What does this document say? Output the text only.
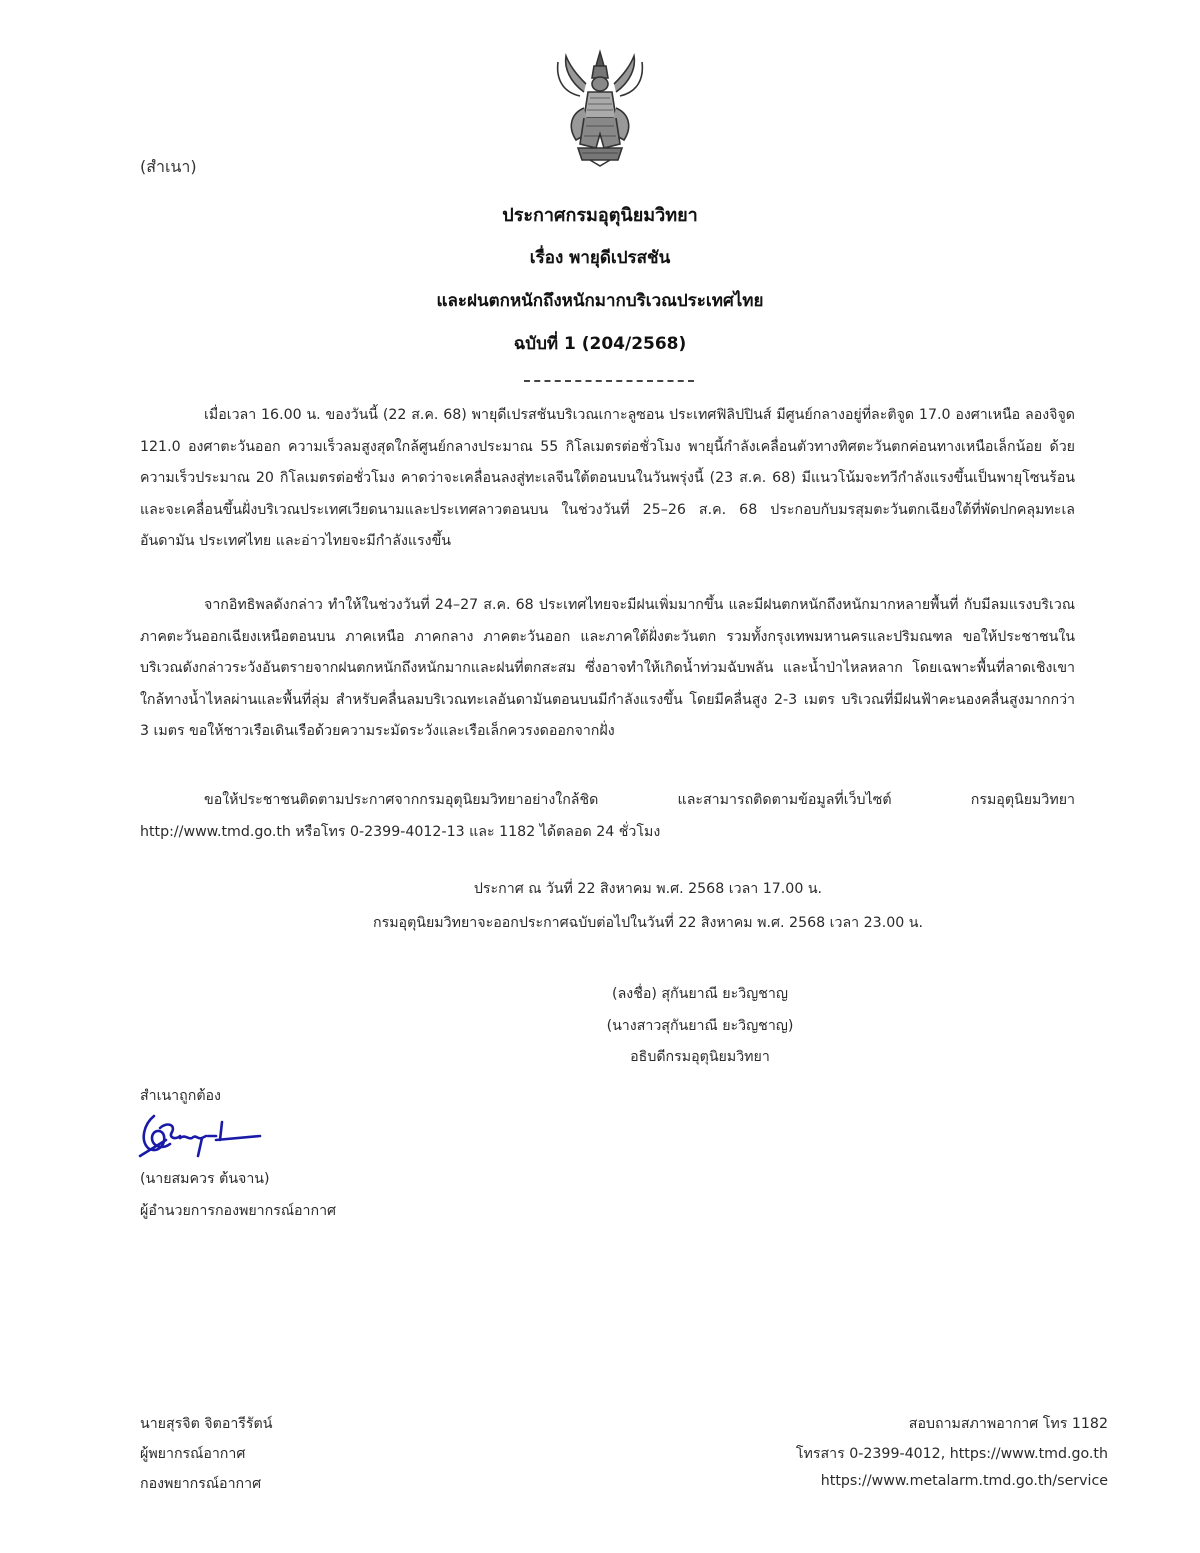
(สำเนา)
ประกาศกรมอุตุนิยมวิทยา
เรื่อง พายุดีเปรสชัน
และฝนตกหนักถึงหนักมากบริเวณประเทศไทย
ฉบับที่ 1 (204/2568)
เมื่อเวลา 16.00 น. ของวันนี้ (22 ส.ค. 68) พายุดีเปรสชันบริเวณเกาะลูซอน ประเทศฟิลิปปินส์ มีศูนย์กลางอยู่ที่ละติจูด 17.0 องศาเหนือ ลองจิจูด 121.0 องศาตะวันออก ความเร็วลมสูงสุดใกล้ศูนย์กลางประมาณ 55 กิโลเมตรต่อชั่วโมง พายุนี้กำลังเคลื่อนตัวทางทิศตะวันตกค่อนทางเหนือเล็กน้อย ด้วยความเร็วประมาณ 20 กิโลเมตรต่อชั่วโมง คาดว่าจะเคลื่อนลงสู่ทะเลจีนใต้ตอนบนในวันพรุ่งนี้ (23 ส.ค. 68) มีแนวโน้มจะทวีกำลังแรงขึ้นเป็นพายุโซนร้อน และจะเคลื่อนขึ้นฝั่งบริเวณประเทศเวียดนามและประเทศลาวตอนบน ในช่วงวันที่ 25–26 ส.ค. 68 ประกอบกับมรสุมตะวันตกเฉียงใต้ที่พัดปกคลุมทะเลอันดามัน ประเทศไทย และอ่าวไทยจะมีกำลังแรงขึ้น
จากอิทธิพลดังกล่าว ทำให้ในช่วงวันที่ 24–27 ส.ค. 68 ประเทศไทยจะมีฝนเพิ่มมากขึ้น และมีฝนตกหนักถึงหนักมากหลายพื้นที่ กับมีลมแรงบริเวณภาคตะวันออกเฉียงเหนือตอนบน ภาคเหนือ ภาคกลาง ภาคตะวันออก และภาคใต้ฝั่งตะวันตก รวมทั้งกรุงเทพมหานครและปริมณฑล ขอให้ประชาชนในบริเวณดังกล่าวระวังอันตรายจากฝนตกหนักถึงหนักมากและฝนที่ตกสะสม ซึ่งอาจทำให้เกิดน้ำท่วมฉับพลัน และน้ำป่าไหลหลาก โดยเฉพาะพื้นที่ลาดเชิงเขาใกล้ทางน้ำไหลผ่านและพื้นที่ลุ่ม สำหรับคลื่นลมบริเวณทะเลอันดามันตอนบนมีกำลังแรงขึ้น โดยมีคลื่นสูง 2-3 เมตร บริเวณที่มีฝนฟ้าคะนองคลื่นสูงมากกว่า 3 เมตร ขอให้ชาวเรือเดินเรือด้วยความระมัดระวังและเรือเล็กควรงดออกจากฝั่ง
ขอให้ประชาชนติดตามประกาศจากกรมอุตุนิยมวิทยาอย่างใกล้ชิด และสามารถติดตามข้อมูลที่เว็บไซต์ กรมอุตุนิยมวิทยา http://www.tmd.go.th หรือโทร 0-2399-4012-13 และ 1182 ได้ตลอด 24 ชั่วโมง
ประกาศ ณ วันที่ 22 สิงหาคม พ.ศ. 2568 เวลา 17.00 น.
กรมอุตุนิยมวิทยาจะออกประกาศฉบับต่อไปในวันที่ 22 สิงหาคม พ.ศ. 2568 เวลา 23.00 น.
(ลงชื่อ) สุกันยาณี ยะวิญชาญ
(นางสาวสุกันยาณี ยะวิญชาญ)
อธิบดีกรมอุตุนิยมวิทยา
สำเนาถูกต้อง
(นายสมควร ต้นจาน)
ผู้อำนวยการกองพยากรณ์อากาศ
นายสุรจิต จิตอารีรัตน์
ผู้พยากรณ์อากาศ
กองพยากรณ์อากาศ
สอบถามสภาพอากาศ โทร 1182
โทรสาร 0-2399-4012, https://www.tmd.go.th
https://www.metalarm.tmd.go.th/service
